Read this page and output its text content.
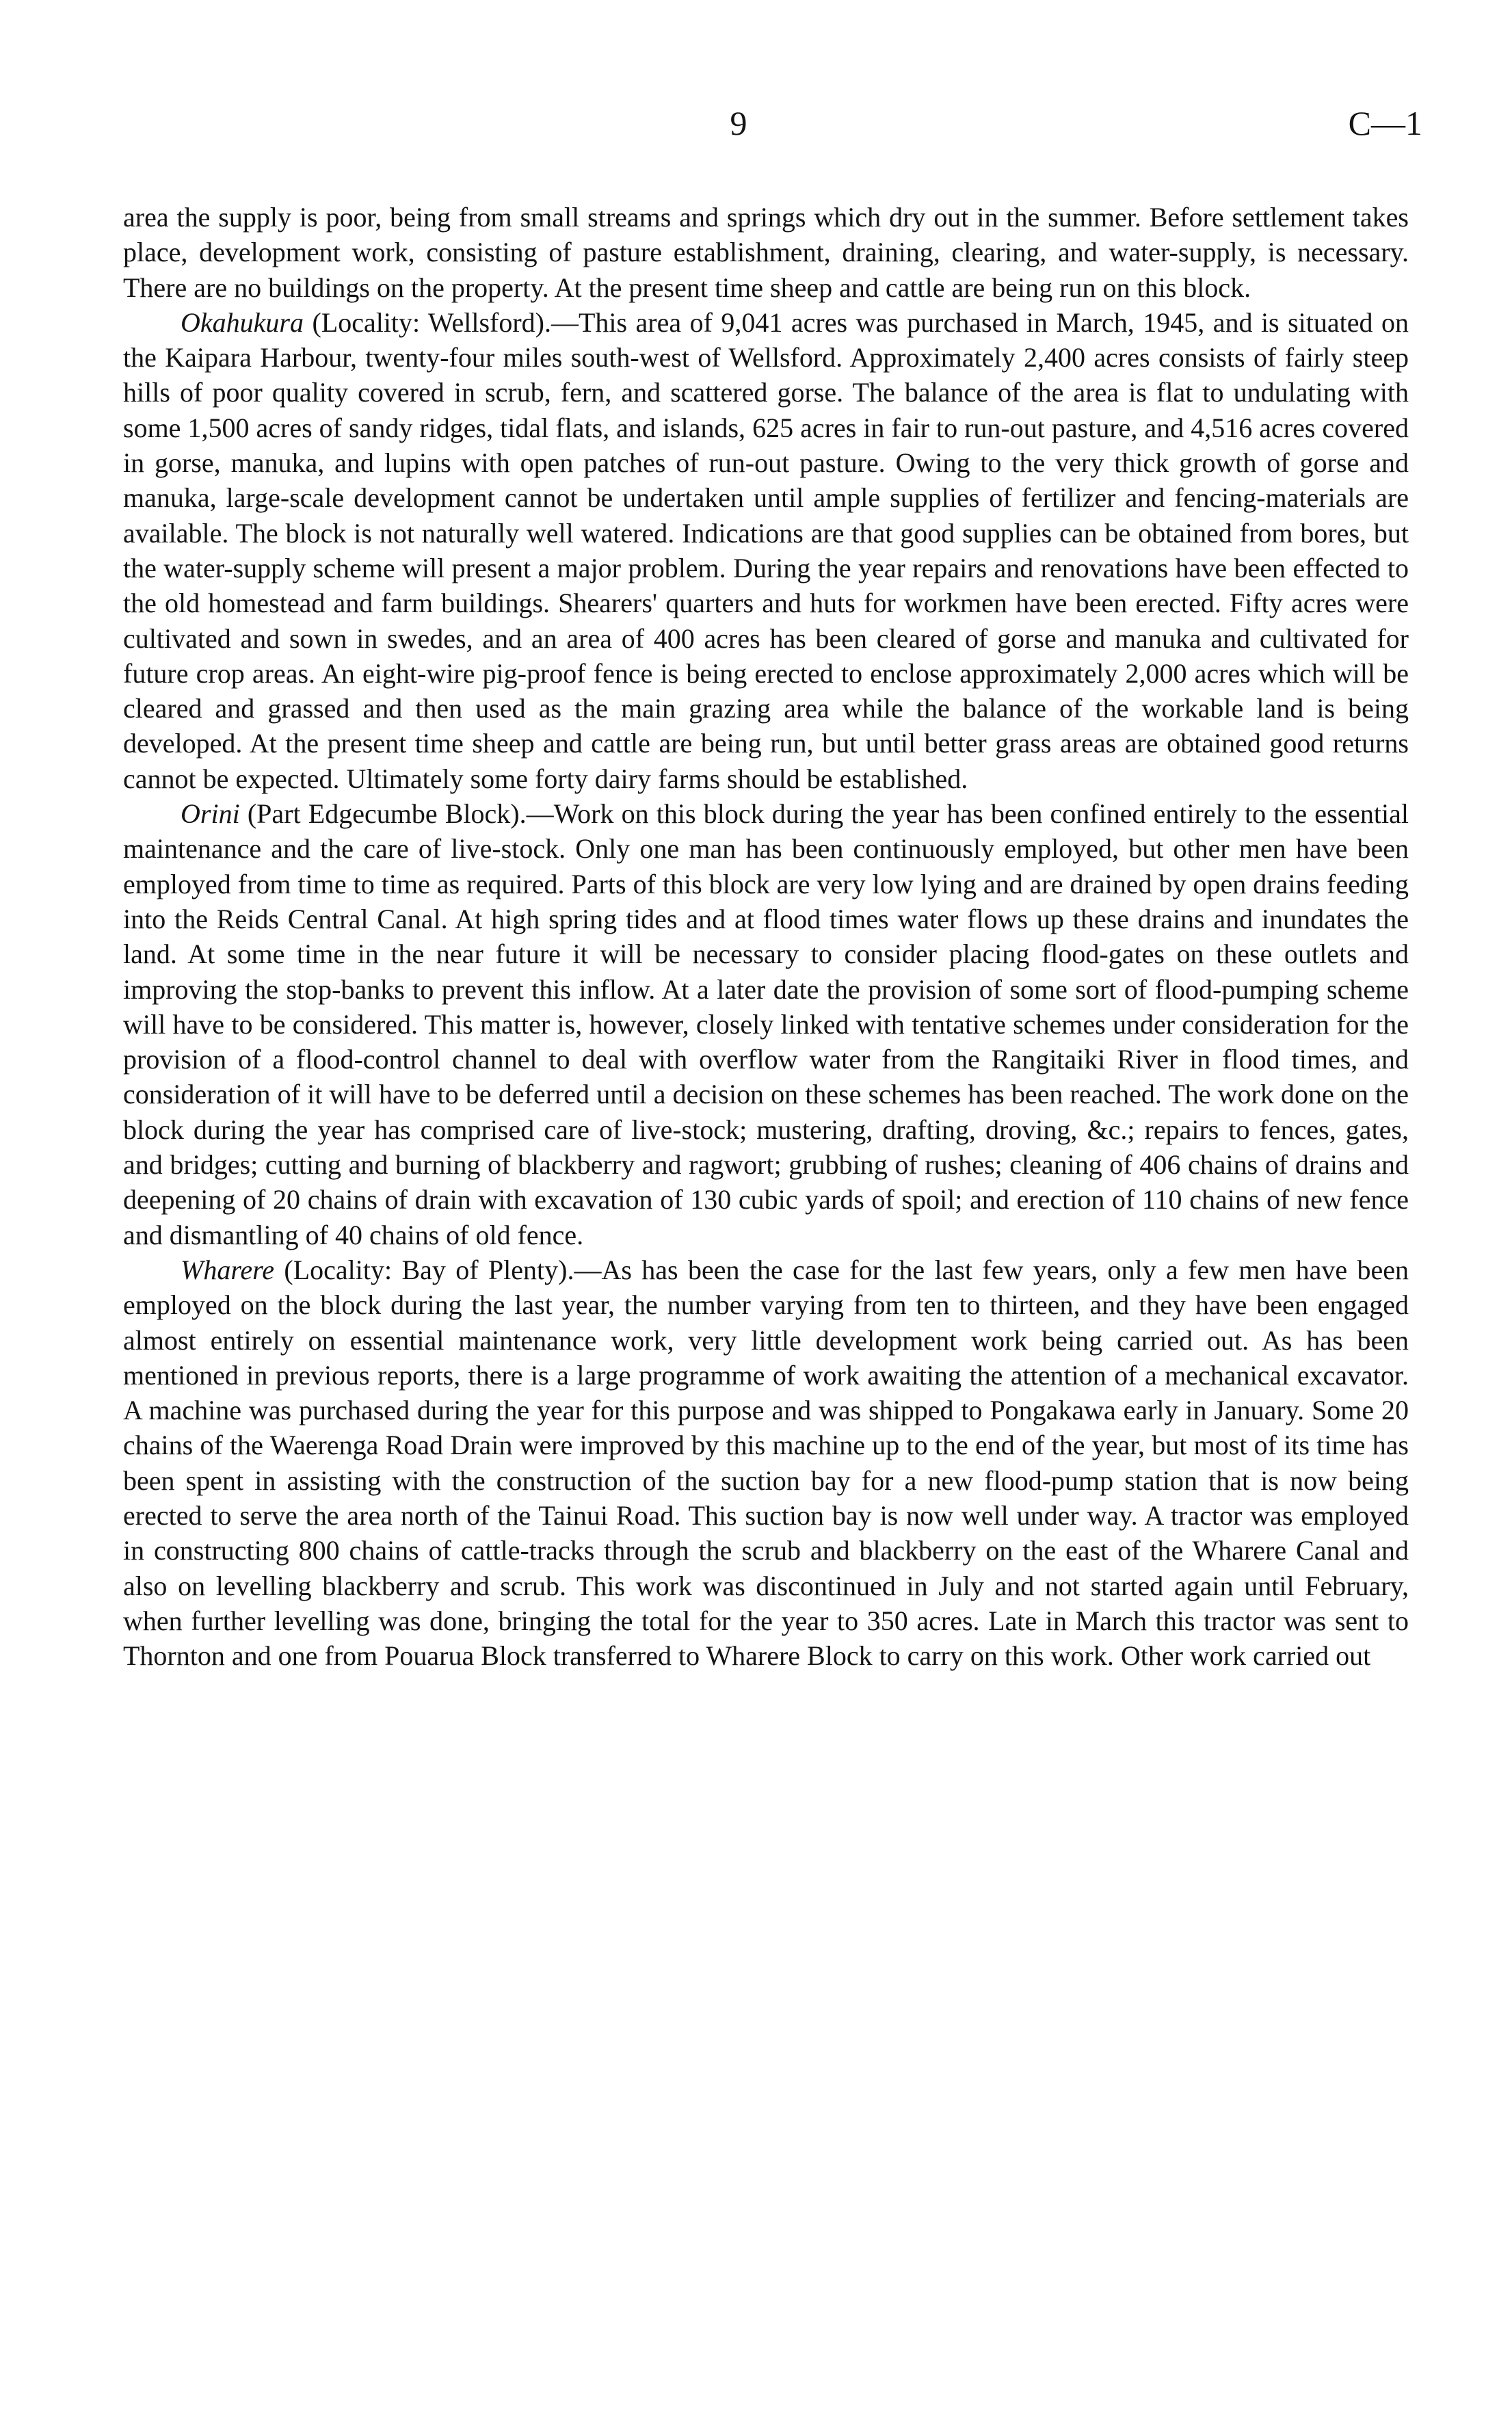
9	C—1

area the supply is poor, being from small streams and springs which dry out in the summer. Before settlement takes place, development work, consisting of pasture establishment, draining, clearing, and water-supply, is necessary. There are no buildings on the property. At the present time sheep and cattle are being run on this block.

Okahukura (Locality: Wellsford).—This area of 9,041 acres was purchased in March, 1945, and is situated on the Kaipara Harbour, twenty-four miles south-west of Wellsford. Approximately 2,400 acres consists of fairly steep hills of poor quality covered in scrub, fern, and scattered gorse. The balance of the area is flat to undulating with some 1,500 acres of sandy ridges, tidal flats, and islands, 625 acres in fair to run-out pasture, and 4,516 acres covered in gorse, manuka, and lupins with open patches of run-out pasture. Owing to the very thick growth of gorse and manuka, large-scale development cannot be undertaken until ample supplies of fertilizer and fencing-materials are available. The block is not naturally well watered. Indications are that good supplies can be obtained from bores, but the water-supply scheme will present a major problem. During the year repairs and renovations have been effected to the old homestead and farm buildings. Shearers' quarters and huts for workmen have been erected. Fifty acres were cultivated and sown in swedes, and an area of 400 acres has been cleared of gorse and manuka and cultivated for future crop areas. An eight-wire pig-proof fence is being erected to enclose approximately 2,000 acres which will be cleared and grassed and then used as the main grazing area while the balance of the workable land is being developed. At the present time sheep and cattle are being run, but until better grass areas are obtained good returns cannot be expected. Ultimately some forty dairy farms should be established.

Orini (Part Edgecumbe Block).—Work on this block during the year has been confined entirely to the essential maintenance and the care of live-stock. Only one man has been continuously employed, but other men have been employed from time to time as required. Parts of this block are very low lying and are drained by open drains feeding into the Reids Central Canal. At high spring tides and at flood times water flows up these drains and inundates the land. At some time in the near future it will be necessary to consider placing flood-gates on these outlets and improving the stop-banks to prevent this inflow. At a later date the provision of some sort of flood-pumping scheme will have to be considered. This matter is, however, closely linked with tentative schemes under consideration for the provision of a flood-control channel to deal with overflow water from the Rangitaiki River in flood times, and consideration of it will have to be deferred until a decision on these schemes has been reached. The work done on the block during the year has comprised care of live-stock; mustering, drafting, droving, &c.; repairs to fences, gates, and bridges; cutting and burning of blackberry and ragwort; grubbing of rushes; cleaning of 406 chains of drains and deepening of 20 chains of drain with excavation of 130 cubic yards of spoil; and erection of 110 chains of new fence and dismantling of 40 chains of old fence.

Wharere (Locality: Bay of Plenty).—As has been the case for the last few years, only a few men have been employed on the block during the last year, the number varying from ten to thirteen, and they have been engaged almost entirely on essential maintenance work, very little development work being carried out. As has been mentioned in previous reports, there is a large programme of work awaiting the attention of a mechanical excavator. A machine was purchased during the year for this purpose and was shipped to Pongakawa early in January. Some 20 chains of the Waerenga Road Drain were improved by this machine up to the end of the year, but most of its time has been spent in assisting with the construction of the suction bay for a new flood-pump station that is now being erected to serve the area north of the Tainui Road. This suction bay is now well under way. A tractor was employed in constructing 800 chains of cattle-tracks through the scrub and blackberry on the east of the Wharere Canal and also on levelling blackberry and scrub. This work was discontinued in July and not started again until February, when further levelling was done, bringing the total for the year to 350 acres. Late in March this tractor was sent to Thornton and one from Pouarua Block transferred to Wharere Block to carry on this work. Other work carried out
